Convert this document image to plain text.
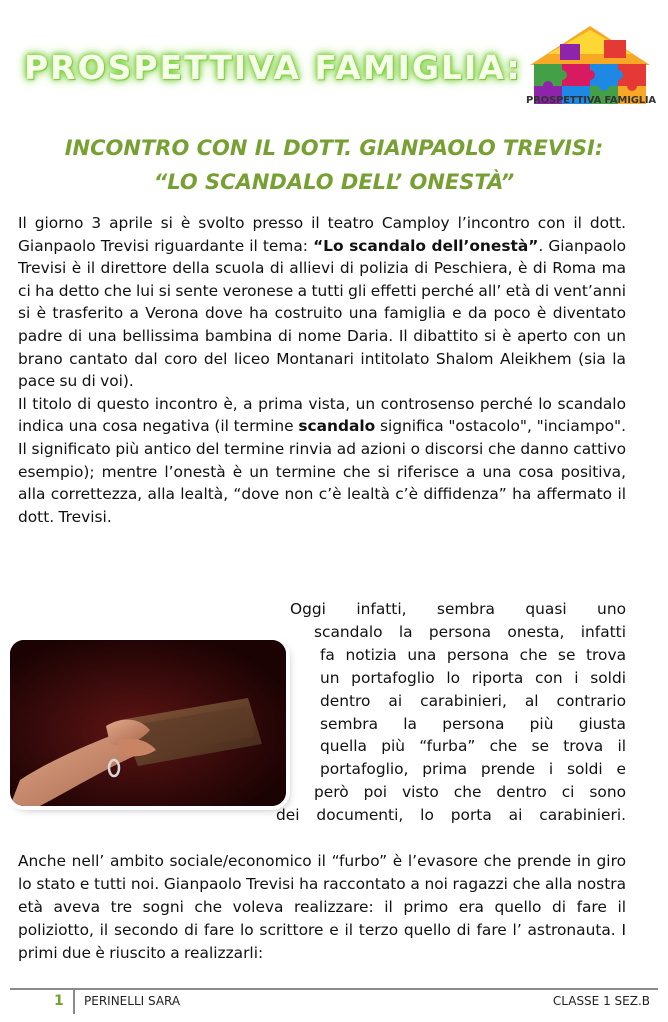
PROSPETTIVA FAMIGLIA:
PROSPETTIVA FAMIGLIA
INCONTRO CON IL DOTT. GIANPAOLO TREVISI:
“LO SCANDALO DELL’ ONESTÀ”

Il giorno 3 aprile si è svolto presso il teatro Camploy l’incontro con il dott. Gianpaolo Trevisi riguardante il tema: “Lo scandalo dell’onestà”. Gianpaolo Trevisi è il direttore della scuola di allievi di polizia di Peschiera, è di Roma ma ci ha detto che lui si sente veronese a tutti gli effetti perché all’ età di vent’anni si è trasferito a Verona dove ha costruito una famiglia e da poco è diventato padre di una bellissima bambina di nome Daria. Il dibattito si è aperto con un brano cantato dal coro del liceo Montanari intitolato Shalom Aleikhem (sia la pace su di voi).

Il titolo di questo incontro è, a prima vista, un controsenso perché lo scandalo indica una cosa negativa (il termine scandalo significa "ostacolo", "inciampo". Il significato più antico del termine rinvia ad azioni o discorsi che danno cattivo esempio); mentre l’onestà è un termine che si riferisce a una cosa positiva, alla correttezza, alla lealtà, “dove non c’è lealtà c’è diffidenza” ha affermato il dott. Trevisi.

Oggi infatti, sembra quasi uno
scandalo la persona onesta, infatti
fa notizia una persona che se trova
un portafoglio lo riporta con i soldi
dentro ai carabinieri, al contrario
sembra la persona più giusta
quella più “furba” che se trova il
portafoglio, prima prende i soldi e
però poi visto che dentro ci sono
dei documenti, lo porta ai carabinieri.

Anche nell’ ambito sociale/economico il “furbo” è l’evasore che prende in giro lo stato e tutti noi. Gianpaolo Trevisi ha raccontato a noi ragazzi che alla nostra età aveva tre sogni che voleva realizzare: il primo era quello di fare il poliziotto, il secondo di fare lo scrittore e il terzo quello di fare l’ astronauta. I primi due è riuscito a realizzarli:

1 PERINELLI SARA	CLASSE 1 SEZ.B
